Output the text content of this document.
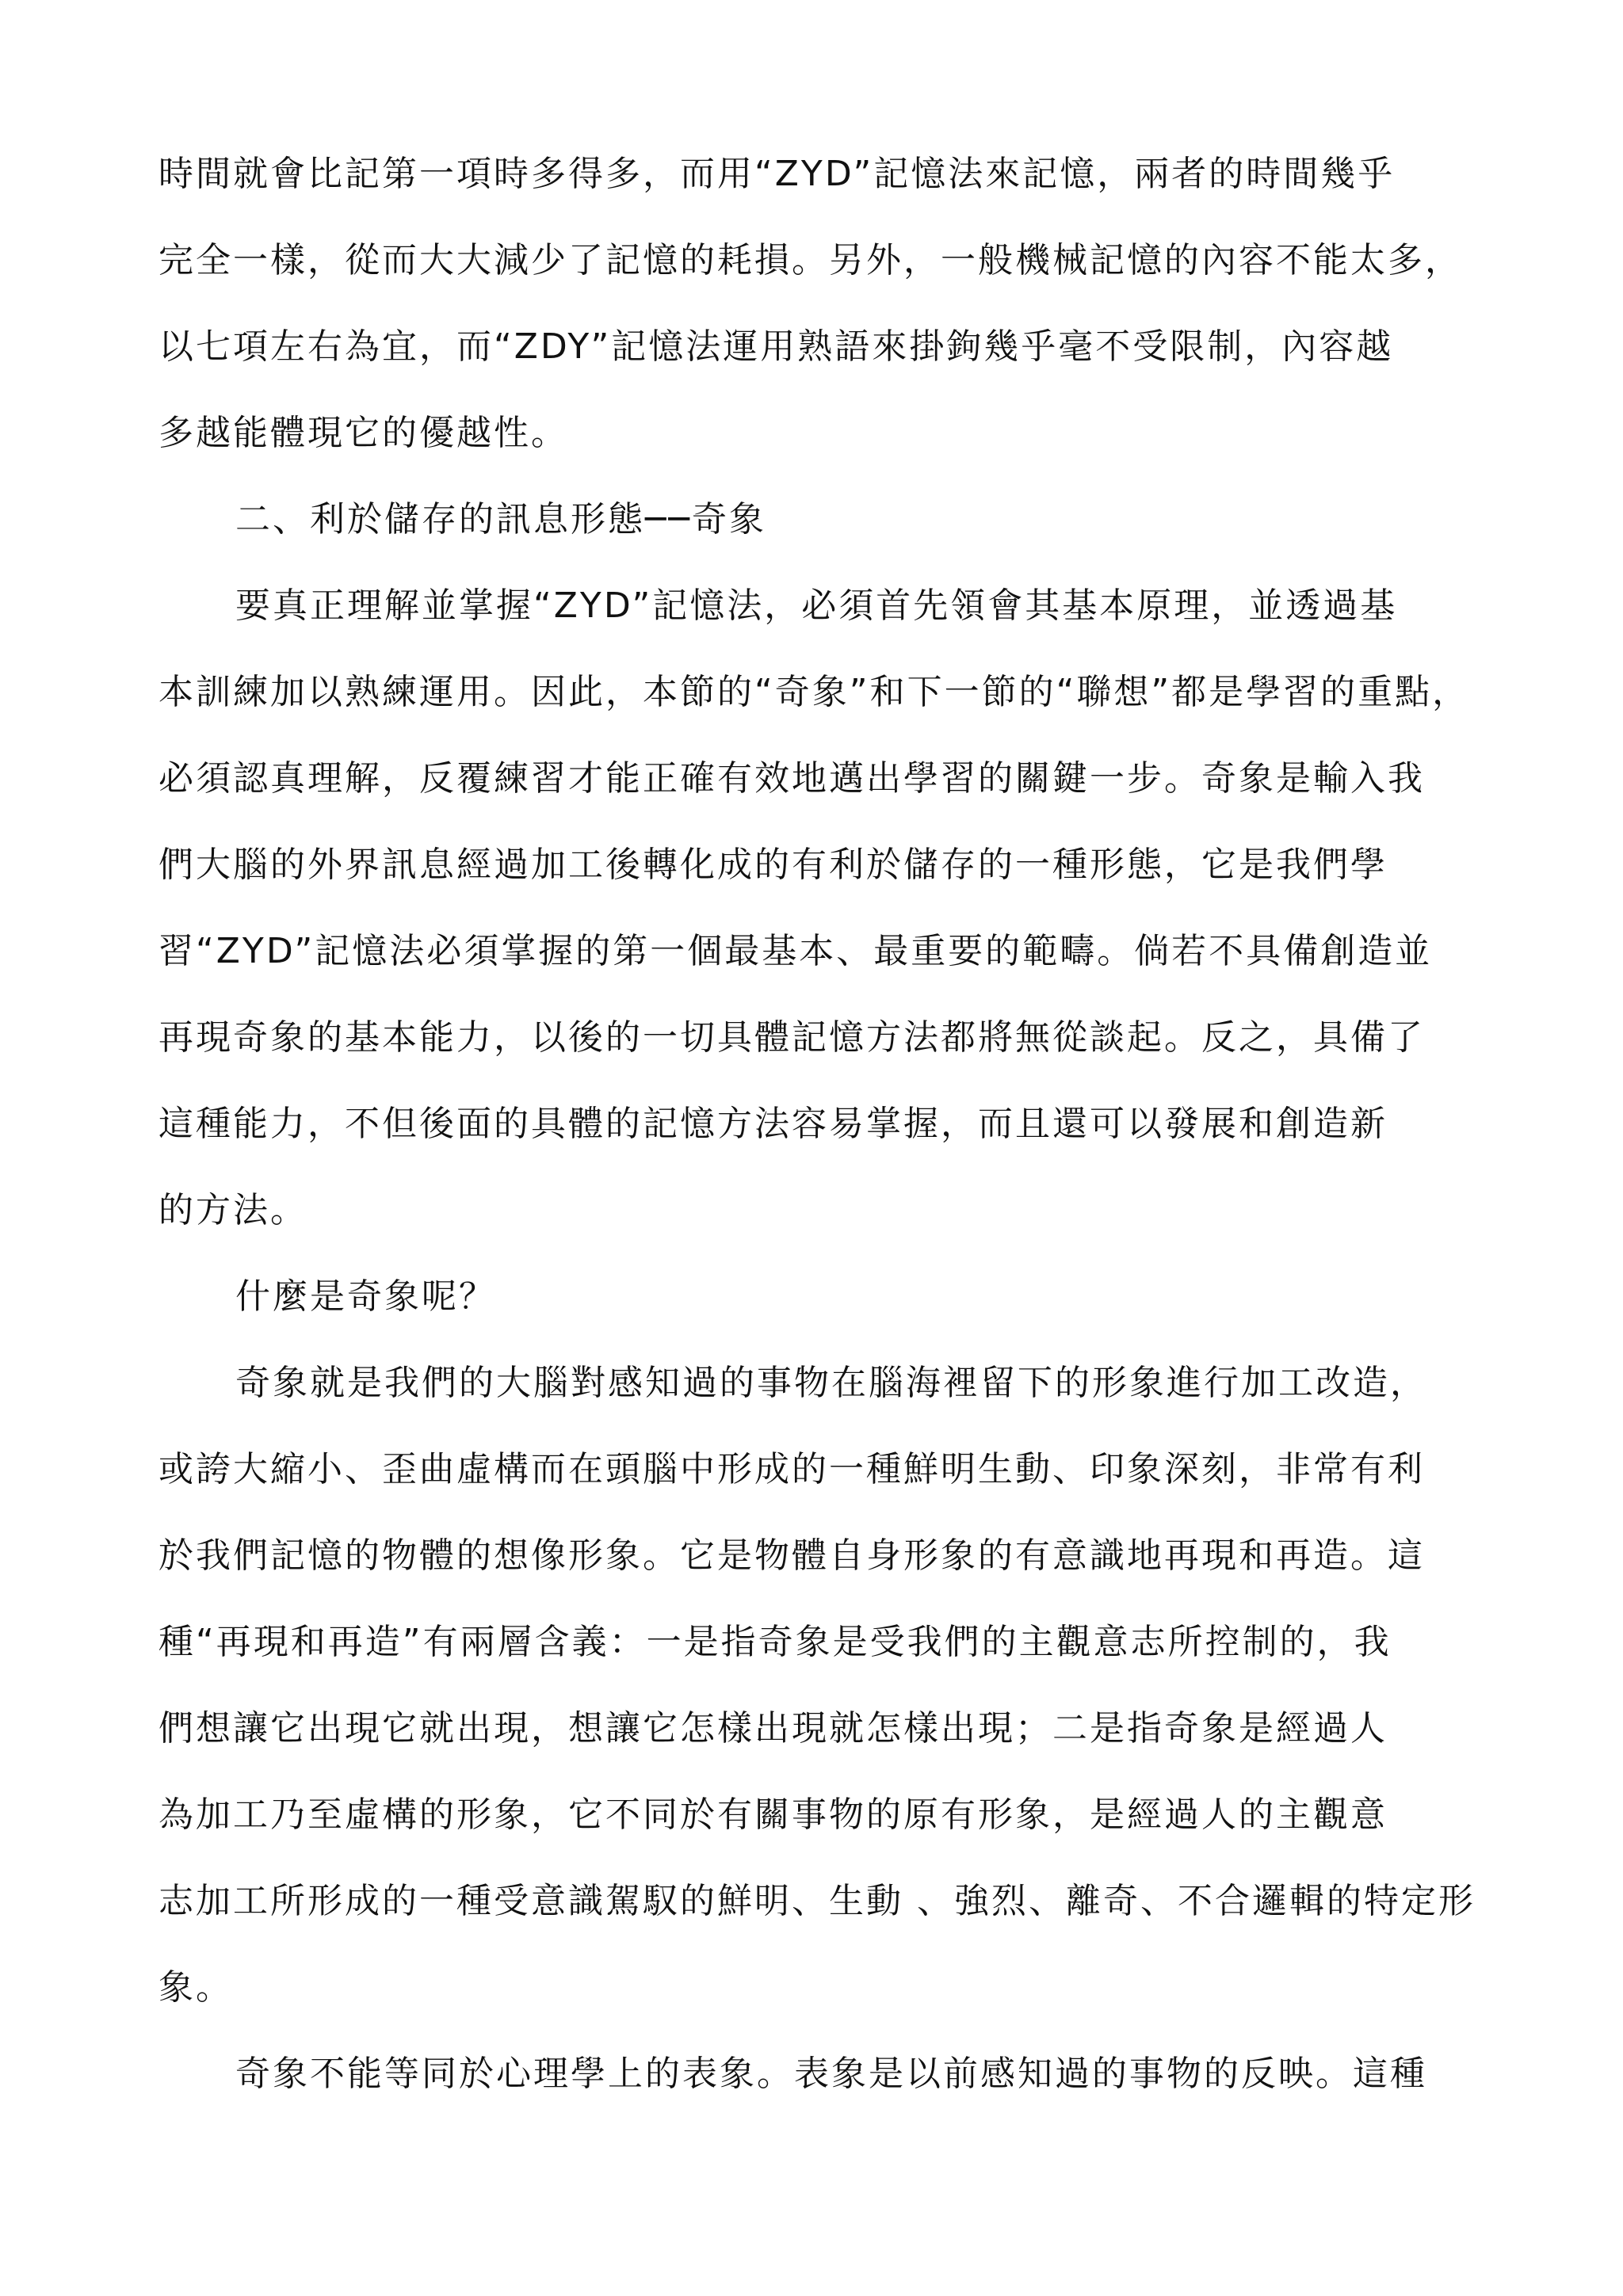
時間就會比記第一項時多得多，而用“ZYD”記憶法來記憶，兩者的時間幾乎
完全一樣，從而大大減少了記憶的耗損。另外，一般機械記憶的內容不能太多，
以七項左右為宜，而“ZDY”記憶法運用熟語來掛鉤幾乎毫不受限制，內容越
多越能體現它的優越性。
二、利於儲存的訊息形態──奇象
要真正理解並掌握“ZYD”記憶法，必須首先領會其基本原理，並透過基
本訓練加以熟練運用。因此，本節的“奇象”和下一節的“聯想”都是學習的重點，
必須認真理解，反覆練習才能正確有效地邁出學習的關鍵一步。奇象是輸入我
們大腦的外界訊息經過加工後轉化成的有利於儲存的一種形態，它是我們學
習“ZYD”記憶法必須掌握的第一個最基本、最重要的範疇。倘若不具備創造並
再現奇象的基本能力，以後的一切具體記憶方法都將無從談起。反之，具備了
這種能力，不但後面的具體的記憶方法容易掌握，而且還可以發展和創造新
的方法。
什麼是奇象呢？
奇象就是我們的大腦對感知過的事物在腦海裡留下的形象進行加工改造，
或誇大縮小、歪曲虛構而在頭腦中形成的一種鮮明生動、印象深刻，非常有利
於我們記憶的物體的想像形象。它是物體自身形象的有意識地再現和再造。這
種“再現和再造”有兩層含義：一是指奇象是受我們的主觀意志所控制的，我
們想讓它出現它就出現，想讓它怎樣出現就怎樣出現；二是指奇象是經過人
為加工乃至虛構的形象，它不同於有關事物的原有形象，是經過人的主觀意
志加工所形成的一種受意識駕馭的鮮明、生動 、強烈、離奇、不合邏輯的特定形
象。
奇象不能等同於心理學上的表象。表象是以前感知過的事物的反映。這種
